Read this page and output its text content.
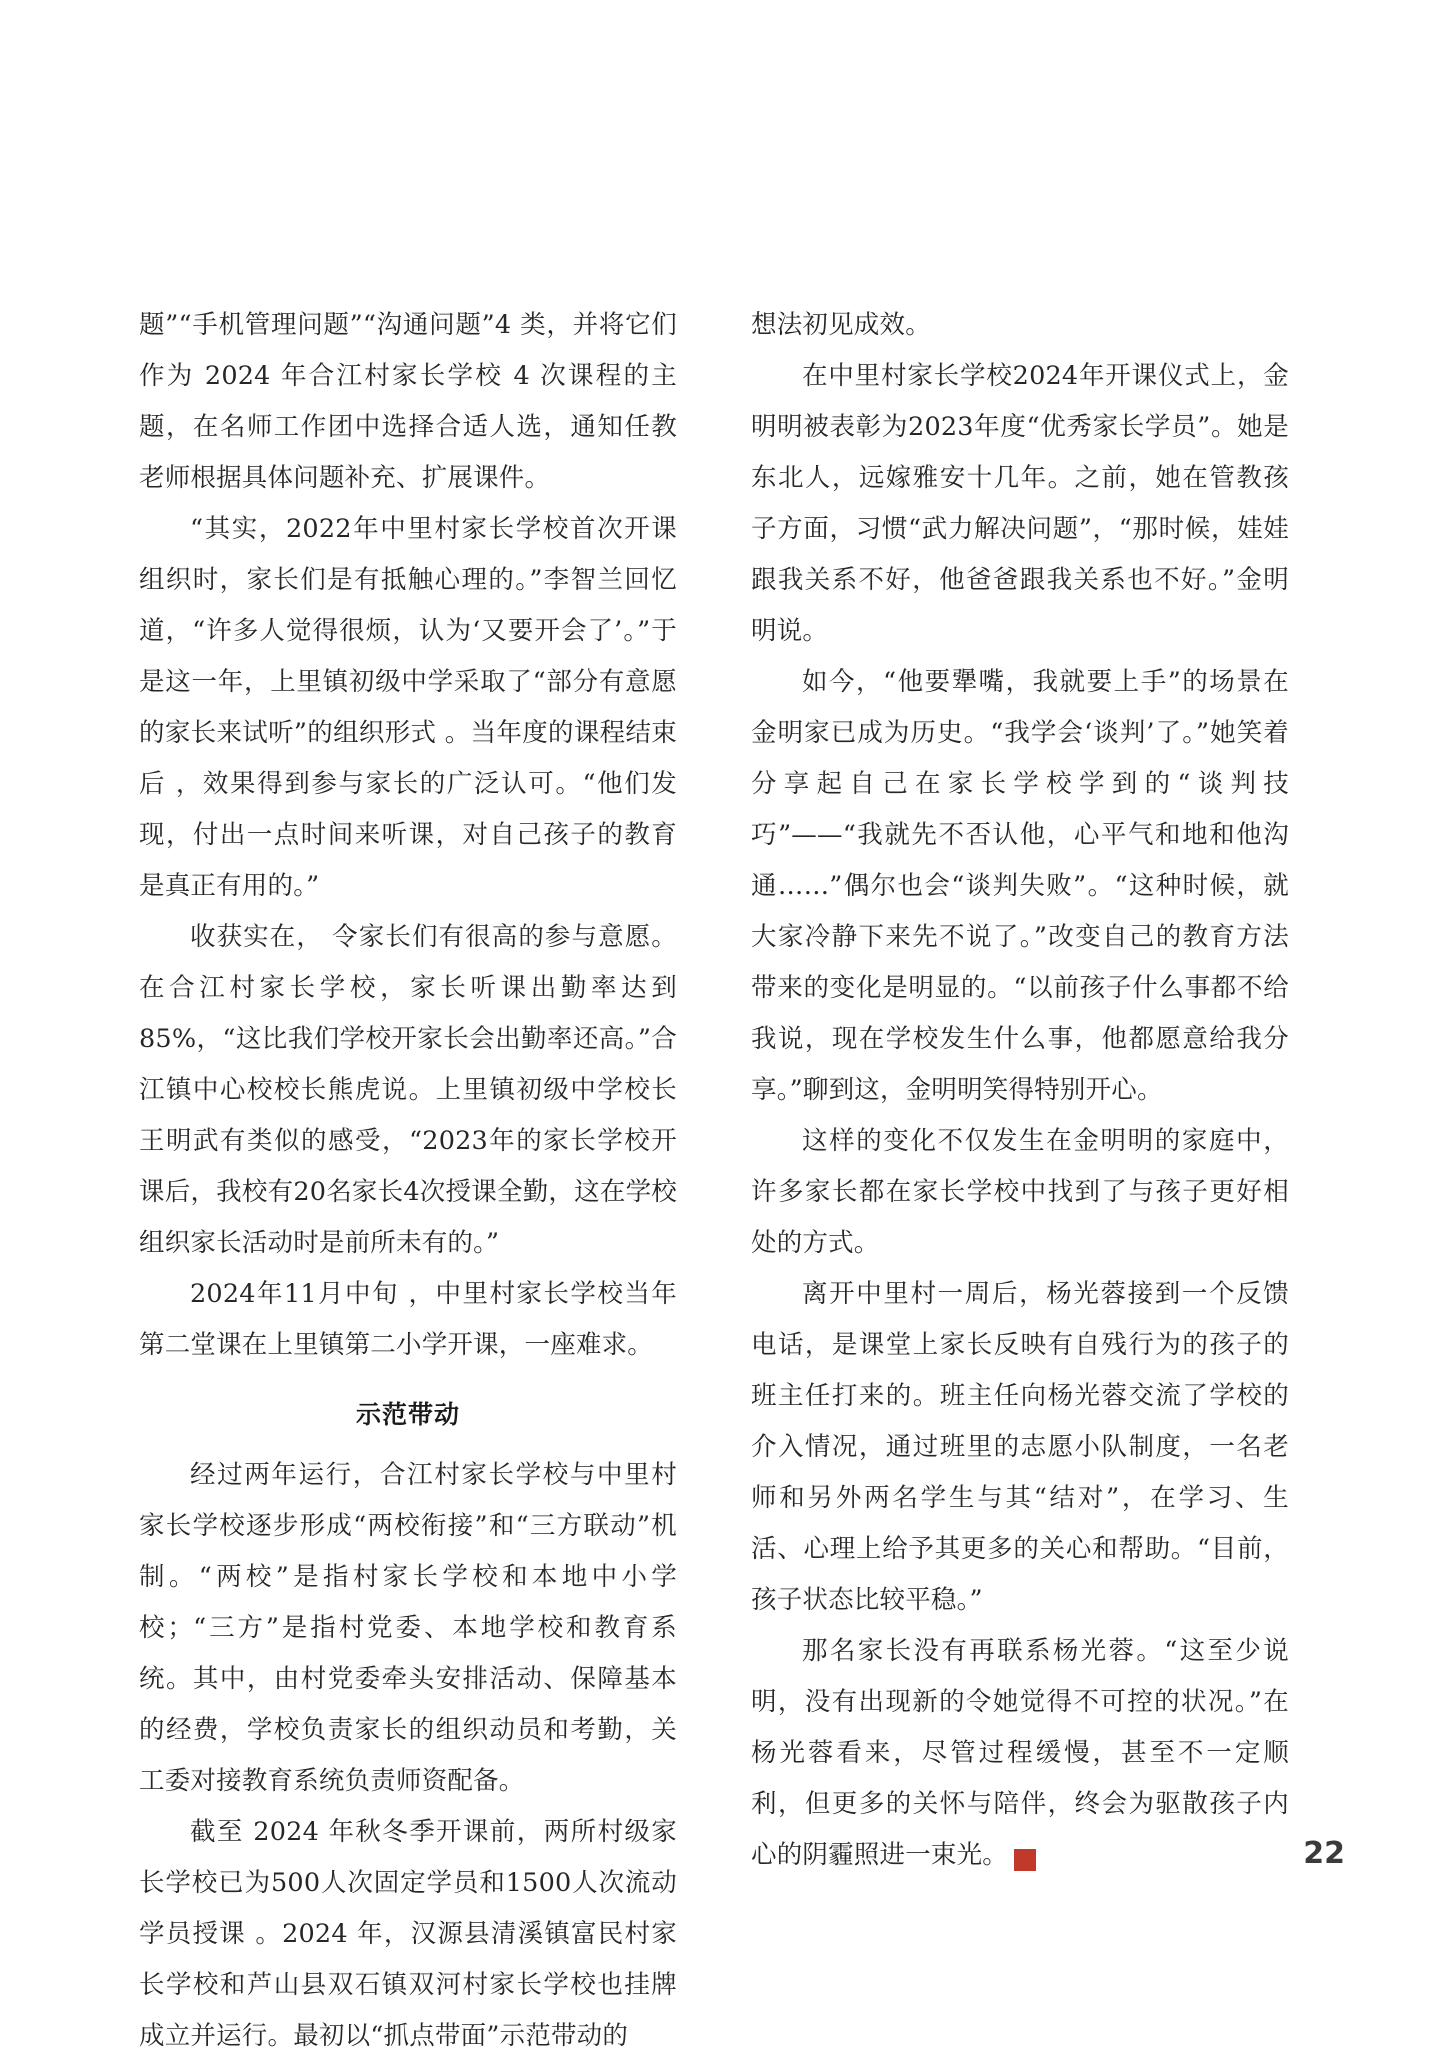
题”“手机管理问题”“沟通问题”4 类，并将它们作为 2024 年合江村家长学校 4 次课程的主题，在名师工作团中选择合适人选，通知任教老师根据具体问题补充、扩展课件。

“其实，2022年中里村家长学校首次开课组织时，家长们是有抵触心理的。”李智兰回忆道，“许多人觉得很烦，认为‘又要开会了’。”于是这一年，上里镇初级中学采取了“部分有意愿的家长来试听”的组织形式 。当年度的课程结束后 ，效果得到参与家长的广泛认可。“他们发现，付出一点时间来听课，对自己孩子的教育是真正有用的。”

收获实在， 令家长们有很高的参与意愿。在合江村家长学校，家长听课出勤率达到85%，“这比我们学校开家长会出勤率还高。”合江镇中心校校长熊虎说。上里镇初级中学校长王明武有类似的感受，“2023年的家长学校开课后，我校有20名家长4次授课全勤，这在学校组织家长活动时是前所未有的。”

2024年11月中旬 ，中里村家长学校当年第二堂课在上里镇第二小学开课，一座难求。

示范带动

经过两年运行，合江村家长学校与中里村家长学校逐步形成“两校衔接”和“三方联动”机制。“两校”是指村家长学校和本地中小学校；“三方”是指村党委、本地学校和教育系统。其中，由村党委牵头安排活动、保障基本的经费，学校负责家长的组织动员和考勤，关工委对接教育系统负责师资配备。

截至 2024 年秋冬季开课前，两所村级家长学校已为500人次固定学员和1500人次流动学员授课 。2024 年，汉源县清溪镇富民村家长学校和芦山县双石镇双河村家长学校也挂牌成立并运行。最初以“抓点带面”示范带动的

想法初见成效。

在中里村家长学校2024年开课仪式上，金明明被表彰为2023年度“优秀家长学员”。她是东北人，远嫁雅安十几年。之前，她在管教孩子方面，习惯“武力解决问题”，“那时候，娃娃跟我关系不好，他爸爸跟我关系也不好。”金明明说。

如今，“他要犟嘴，我就要上手”的场景在金明家已成为历史。“我学会‘谈判’了。”她笑着分享起自己在家长学校学到的“谈判技巧”——“我就先不否认他，心平气和地和他沟通……”偶尔也会“谈判失败”。“这种时候，就大家冷静下来先不说了。”改变自己的教育方法带来的变化是明显的。“以前孩子什么事都不给我说，现在学校发生什么事，他都愿意给我分享。”聊到这，金明明笑得特别开心。

这样的变化不仅发生在金明明的家庭中，许多家长都在家长学校中找到了与孩子更好相处的方式。

离开中里村一周后，杨光蓉接到一个反馈电话，是课堂上家长反映有自残行为的孩子的班主任打来的。班主任向杨光蓉交流了学校的介入情况，通过班里的志愿小队制度，一名老师和另外两名学生与其“结对”，在学习、生活、心理上给予其更多的关心和帮助。“目前，孩子状态比较平稳。”

那名家长没有再联系杨光蓉。“这至少说明，没有出现新的令她觉得不可控的状况。”在杨光蓉看来，尽管过程缓慢，甚至不一定顺利，但更多的关怀与陪伴，终会为驱散孩子内心的阴霾照进一束光。	光	22
